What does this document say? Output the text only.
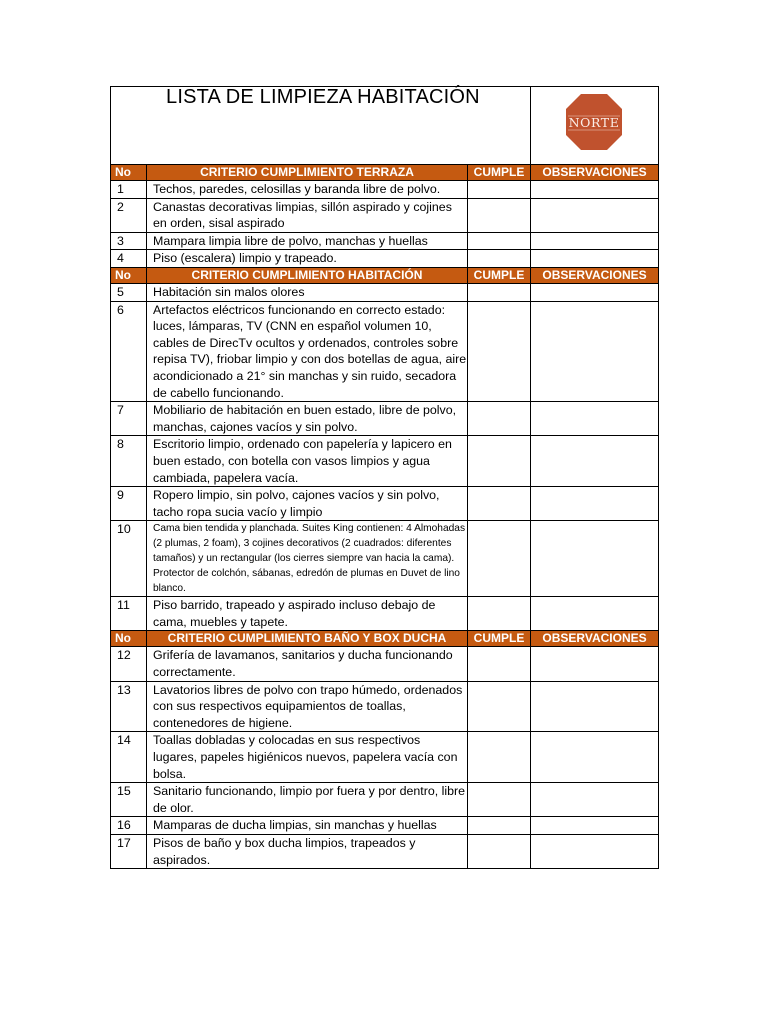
LISTA DE LIMPIEZA HABITACIÓN			NORTE

No	CRITERIO CUMPLIMIENTO TERRAZA	CUMPLE	OBSERVACIONES
1	Techos, paredes, celosillas y baranda libre de polvo.		
2	Canastas decorativas limpias, sillón aspirado y cojines en orden, sisal aspirado		
3	Mampara limpia libre de polvo, manchas y huellas		
4	Piso (escalera) limpio y trapeado.		
No	CRITERIO CUMPLIMIENTO HABITACIÓN	CUMPLE	OBSERVACIONES
5	Habitación sin malos olores		
6	Artefactos eléctricos funcionando en correcto estado: luces, lámparas, TV (CNN en español volumen 10, cables de DirecTv ocultos y ordenados, controles sobre repisa TV), friobar limpio y con dos botellas de agua, aire acondicionado a 21° sin manchas y sin ruido, secadora de cabello funcionando.		
7	Mobiliario de habitación en buen estado, libre de polvo, manchas, cajones vacíos y sin polvo.		
8	Escritorio limpio, ordenado con papelería y lapicero en buen estado, con botella con vasos limpios y agua cambiada, papelera vacía.		
9	Ropero limpio, sin polvo, cajones vacíos y sin polvo, tacho ropa sucia vacío y limpio		
10	Cama bien tendida y planchada. Suites King contienen: 4 Almohadas (2 plumas, 2 foam), 3 cojines decorativos (2 cuadrados: diferentes tamaños) y un rectangular (los cierres siempre van hacia la cama). Protector de colchón, sábanas, edredón de plumas en Duvet de lino blanco.		
11	Piso barrido, trapeado y aspirado incluso debajo de cama, muebles y tapete.		
No	CRITERIO CUMPLIMIENTO BAÑO Y BOX DUCHA	CUMPLE	OBSERVACIONES
12	Grifería de lavamanos, sanitarios y ducha funcionando correctamente.		
13	Lavatorios libres de polvo con trapo húmedo, ordenados con sus respectivos equipamientos de toallas, contenedores de higiene.		
14	Toallas dobladas y colocadas en sus respectivos lugares, papeles higiénicos nuevos, papelera vacía con bolsa.		
15	Sanitario funcionando, limpio por fuera y por dentro, libre de olor.		
16	Mamparas de ducha limpias, sin manchas y huellas		
17	Pisos de baño y box ducha limpios, trapeados y aspirados.		
